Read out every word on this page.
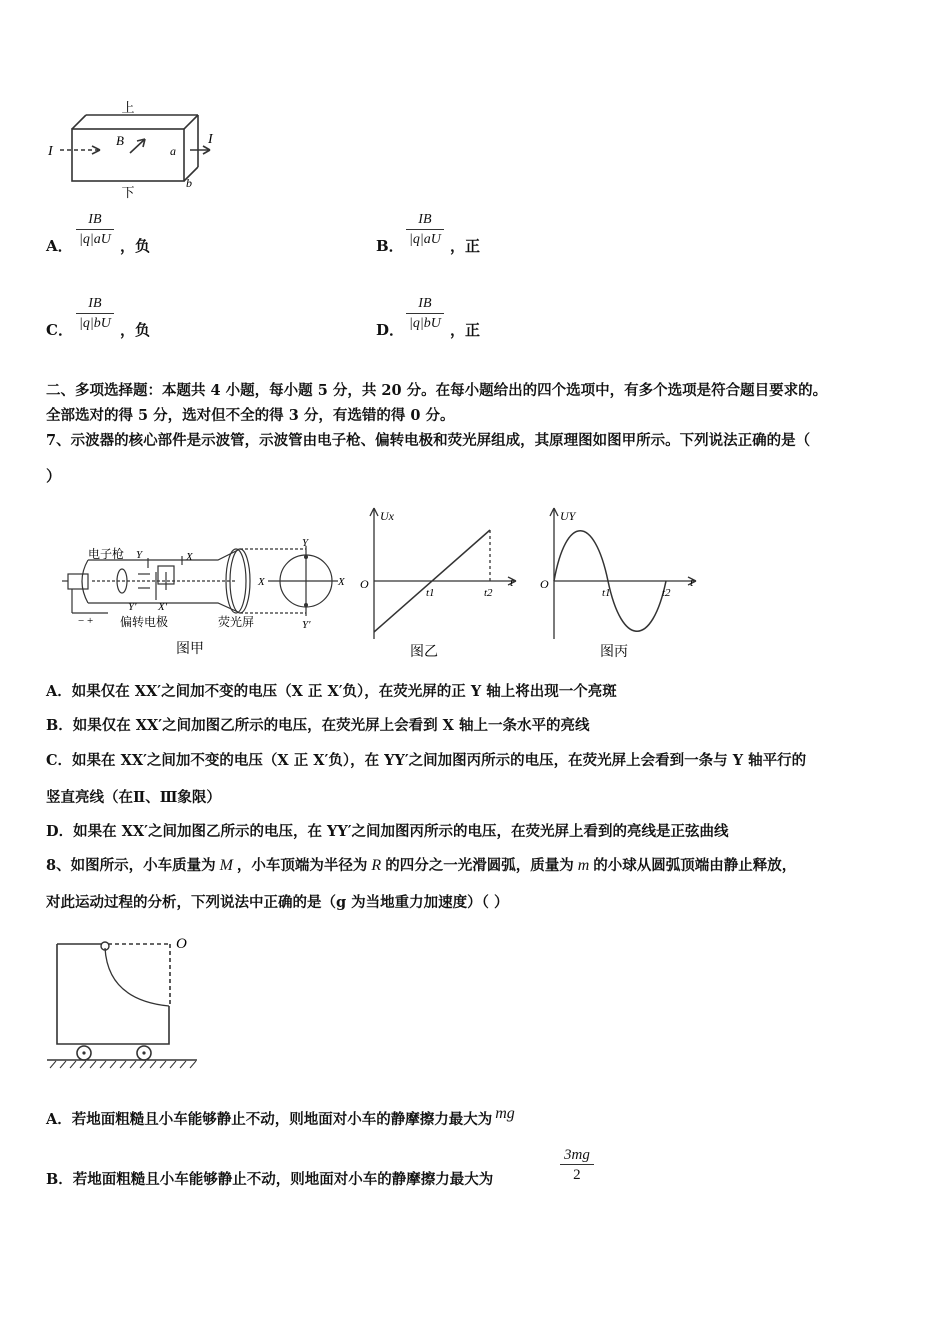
上
下
I
I
B
a
b
A． $\frac{IB}{|q|aU}$ ，负	B． $\frac{IB}{|q|aU}$ ，正
C． $\frac{IB}{|q|bU}$ ，负	D． $\frac{IB}{|q|bU}$ ，正
二、多项选择题：本题共 4 小题，每小题 5 分，共 20 分。在每小题给出的四个选项中，有多个选项是符合题目要求的。
全部选对的得 5 分，选对但不全的得 3 分，有选错的得 0 分。
7、示波器的核心部件是示波管，示波管由电子枪、偏转电极和荧光屏组成，其原理图如图甲所示。下列说法正确的是（
）
电子枪 Y	X
Y′ X′
− + 偏转电极	荧光屏
X	X
Y
Y′
图甲
Ux
O
t1	t2
t
图乙
UY
O
t1	t2
t
图丙
A．如果仅在 XX′之间加不变的电压（X 正 X′负），在荧光屏的正 Y 轴上将出现一个亮斑
B．如果仅在 XX′之间加图乙所示的电压，在荧光屏上会看到 X 轴上一条水平的亮线
C．如果在 XX′之间加不变的电压（X 正 X′负），在 YY′之间加图丙所示的电压，在荧光屏上会看到一条与 Y 轴平行的
竖直亮线（在Ⅱ、Ⅲ象限）
D．如果在 XX′之间加图乙所示的电压，在 YY′之间加图丙所示的电压，在荧光屏上看到的亮线是正弦曲线
8、如图所示，小车质量为 M ，小车顶端为半径为 R 的四分之一光滑圆弧，质量为 m 的小球从圆弧顶端由静止释放，
对此运动过程的分析，下列说法中正确的是（g 为当地重力加速度）（ ）
O
A．若地面粗糙且小车能够静止不动，则地面对小车的静摩擦力最大为 mg
B．若地面粗糙且小车能够静止不动，则地面对小车的静摩擦力最大为	$\frac{3mg}{2}$
